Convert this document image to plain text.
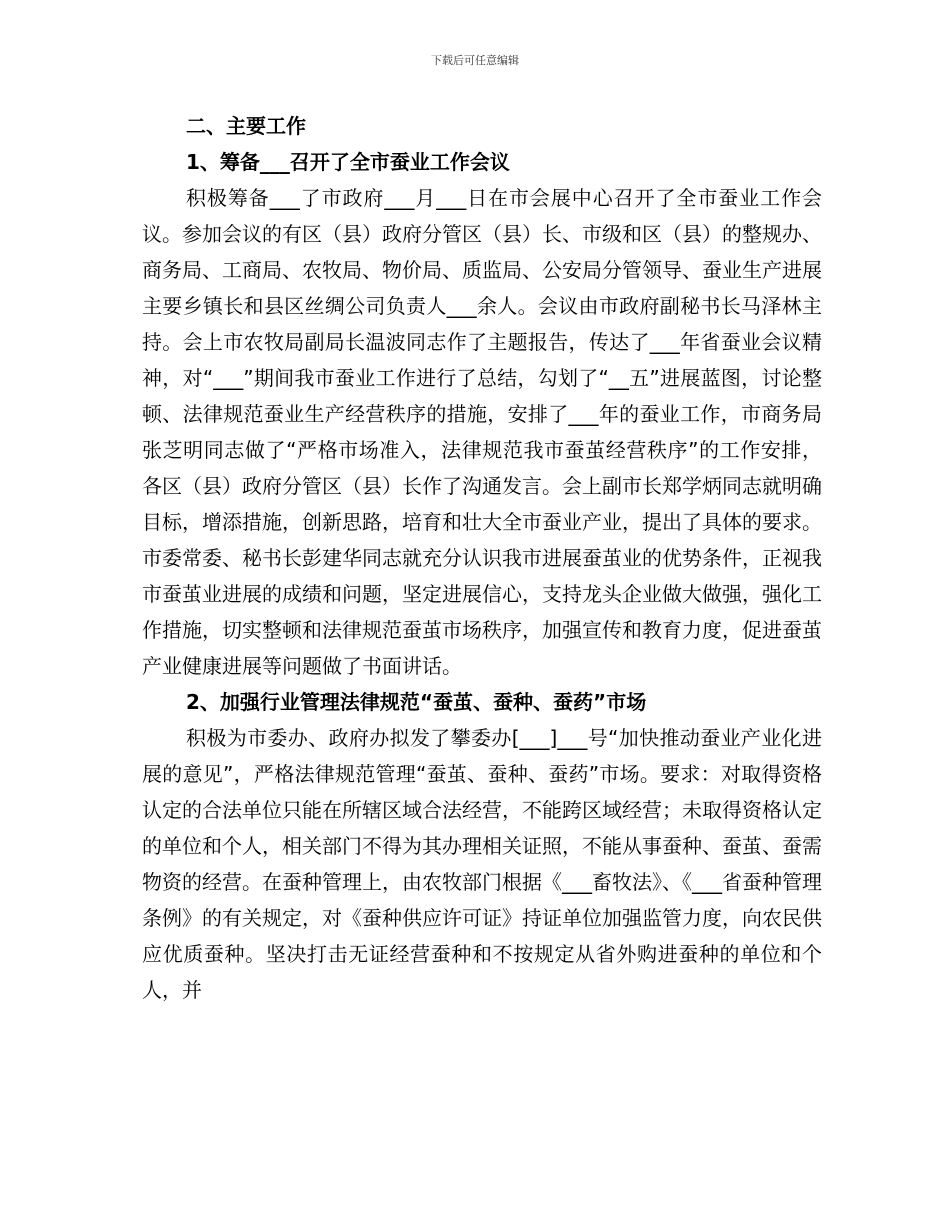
下载后可任意编辑

二、主要工作

1、筹备___召开了全市蚕业工作会议

积极筹备___了市政府___月___日在市会展中心召开了全市蚕业工作会议。参加会议的有区（县）政府分管区（县）长、市级和区（县）的整规办、商务局、工商局、农牧局、物价局、质监局、公安局分管领导、蚕业生产进展主要乡镇长和县区丝绸公司负责人___余人。会议由市政府副秘书长马泽林主持。会上市农牧局副局长温波同志作了主题报告，传达了___年省蚕业会议精神，对“___”期间我市蚕业工作进行了总结，勾划了“__五”进展蓝图，讨论整顿、法律规范蚕业生产经营秩序的措施，安排了___年的蚕业工作，市商务局张芝明同志做了“严格市场准入，法律规范我市蚕茧经营秩序”的工作安排，各区（县）政府分管区（县）长作了沟通发言。会上副市长郑学炳同志就明确目标，增添措施，创新思路，培育和壮大全市蚕业产业，提出了具体的要求。市委常委、秘书长彭建华同志就充分认识我市进展蚕茧业的优势条件，正视我市蚕茧业进展的成绩和问题，坚定进展信心，支持龙头企业做大做强，强化工作措施，切实整顿和法律规范蚕茧市场秩序，加强宣传和教育力度，促进蚕茧产业健康进展等问题做了书面讲话。

2、加强行业管理法律规范“蚕茧、蚕种、蚕药”市场

积极为市委办、政府办拟发了攀委办[___]___号“加快推动蚕业产业化进展的意见”，严格法律规范管理“蚕茧、蚕种、蚕药”市场。要求：对取得资格认定的合法单位只能在所辖区域合法经营，不能跨区域经营；未取得资格认定的单位和个人，相关部门不得为其办理相关证照，不能从事蚕种、蚕茧、蚕需物资的经营。在蚕种管理上，由农牧部门根据《___畜牧法》、《___省蚕种管理条例》的有关规定，对《蚕种供应许可证》持证单位加强监管力度，向农民供应优质蚕种。坚决打击无证经营蚕种和不按规定从省外购进蚕种的单位和个人，并
